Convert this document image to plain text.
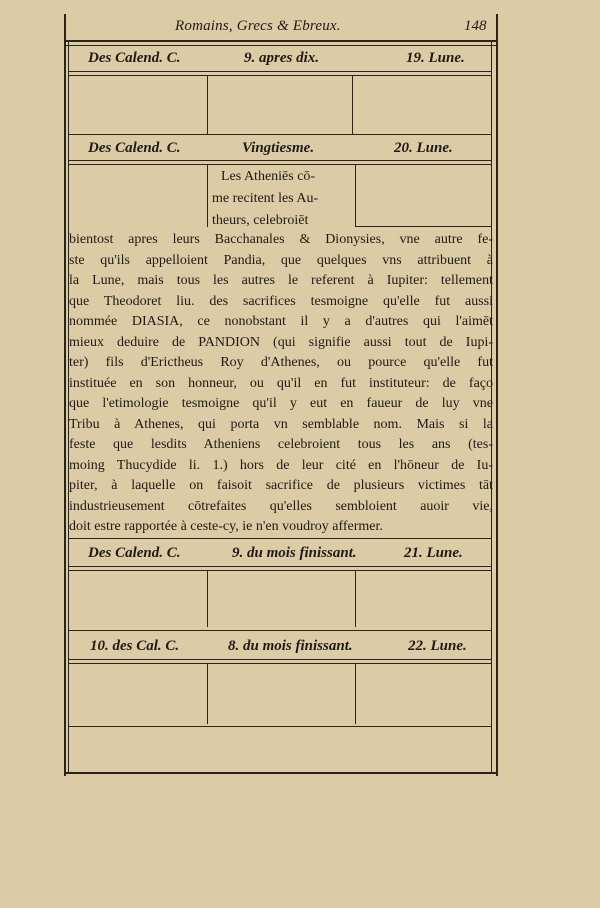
Romains, Grecs & Ebreux.	148
Des Calend. C.	9. apres dix.	19. Lune.
Des Calend. C.	Vingtiesme.	20. Lune.
Les Atheniēs cō-
me recitent les Au-
theurs, celebroiēt
bientost apres leurs Bacchanales & Dionysies, vne autre fe-
ste qu'ils appelloient Pandia, que quelques vns attribuent à
la Lune, mais tous les autres le referent à Iupiter: tellement
que Theodoret liu. des sacrifices tesmoigne qu'elle fut aussi
nommée DIASIA, ce nonobstant il y a d'autres qui l'aimēt
mieux deduire de PANDION (qui signifie aussi tout de Iupi-
ter) fils d'Ericthеus Roy d'Athenes, ou pource qu'elle fut
instituée en son honneur, ou qu'il en fut instituteur: de faço
que l'etimologie tesmoigne qu'il y eut en faueur de luy vne
Tribu à Athenes, qui porta vn semblable nom. Mais si la
feste que lesdits Atheniens celebroient tous les ans (tes-
moing Thucydide li. 1.) hors de leur cité en l'hōneur de Iu-
piter, à laquelle on faisoit sacrifice de plusieurs victimes tāt
industrieusement cōtrefaites qu'elles sembloient auoir vie,
doit estre rapportée à ceste-cy, ie n'en voudroy affermer.
Des Calend. C.	9. du mois finissant.	21. Lune.
10. des Cal. C.	8. du mois finissant.	22. Lune.
